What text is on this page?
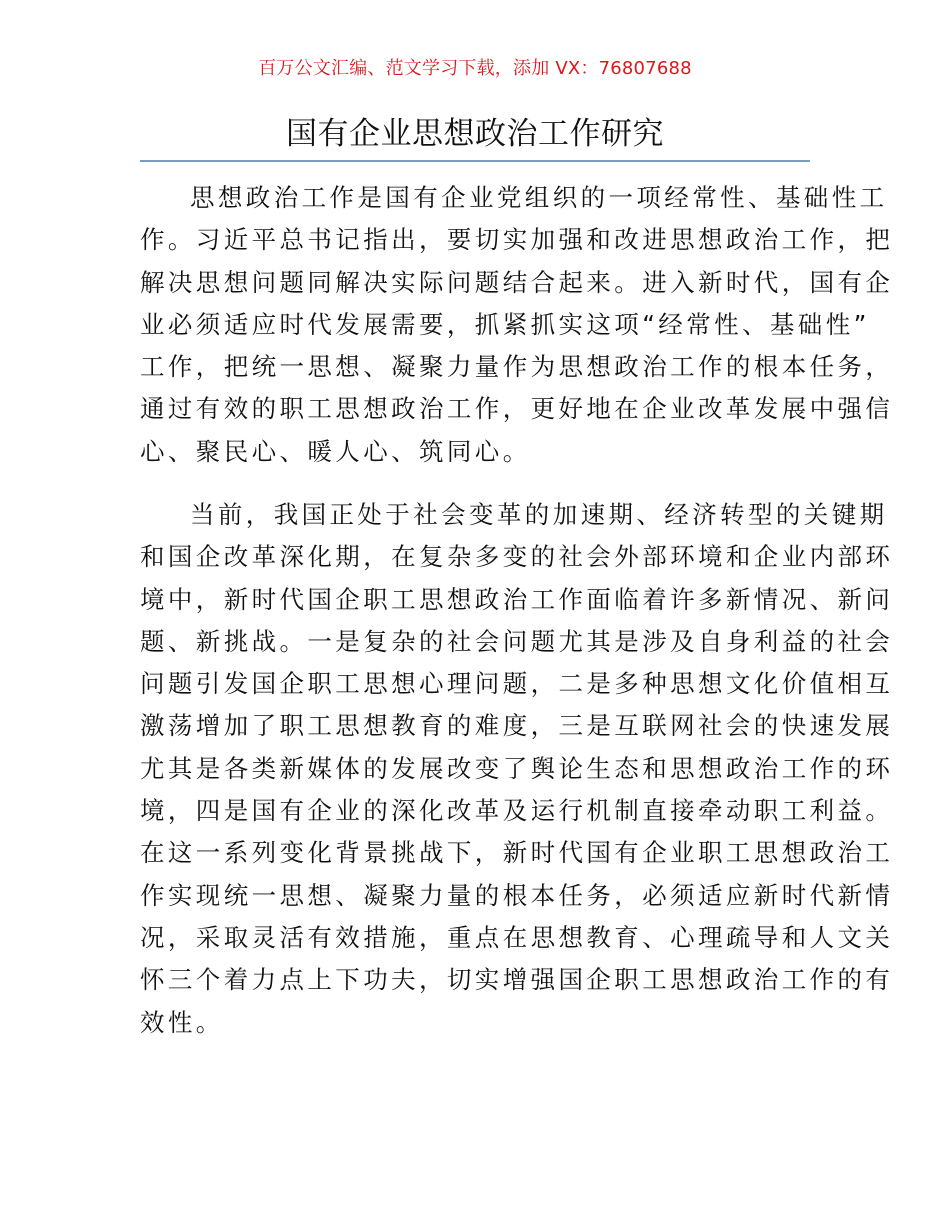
百万公文汇编、范文学习下载，添加 VX：76807688
国有企业思想政治工作研究
思想政治工作是国有企业党组织的一项经常性、基础性工
作。习近平总书记指出，要切实加强和改进思想政治工作，把
解决思想问题同解决实际问题结合起来。进入新时代，国有企
业必须适应时代发展需要，抓紧抓实这项“经常性、基础性”
工作，把统一思想、凝聚力量作为思想政治工作的根本任务，
通过有效的职工思想政治工作，更好地在企业改革发展中强信
心、聚民心、暖人心、筑同心。
当前，我国正处于社会变革的加速期、经济转型的关键期
和国企改革深化期，在复杂多变的社会外部环境和企业内部环
境中，新时代国企职工思想政治工作面临着许多新情况、新问
题、新挑战。一是复杂的社会问题尤其是涉及自身利益的社会
问题引发国企职工思想心理问题，二是多种思想文化价值相互
激荡增加了职工思想教育的难度，三是互联网社会的快速发展
尤其是各类新媒体的发展改变了舆论生态和思想政治工作的环
境，四是国有企业的深化改革及运行机制直接牵动职工利益。
在这一系列变化背景挑战下，新时代国有企业职工思想政治工
作实现统一思想、凝聚力量的根本任务，必须适应新时代新情
况，采取灵活有效措施，重点在思想教育、心理疏导和人文关
怀三个着力点上下功夫，切实增强国企职工思想政治工作的有
效性。
